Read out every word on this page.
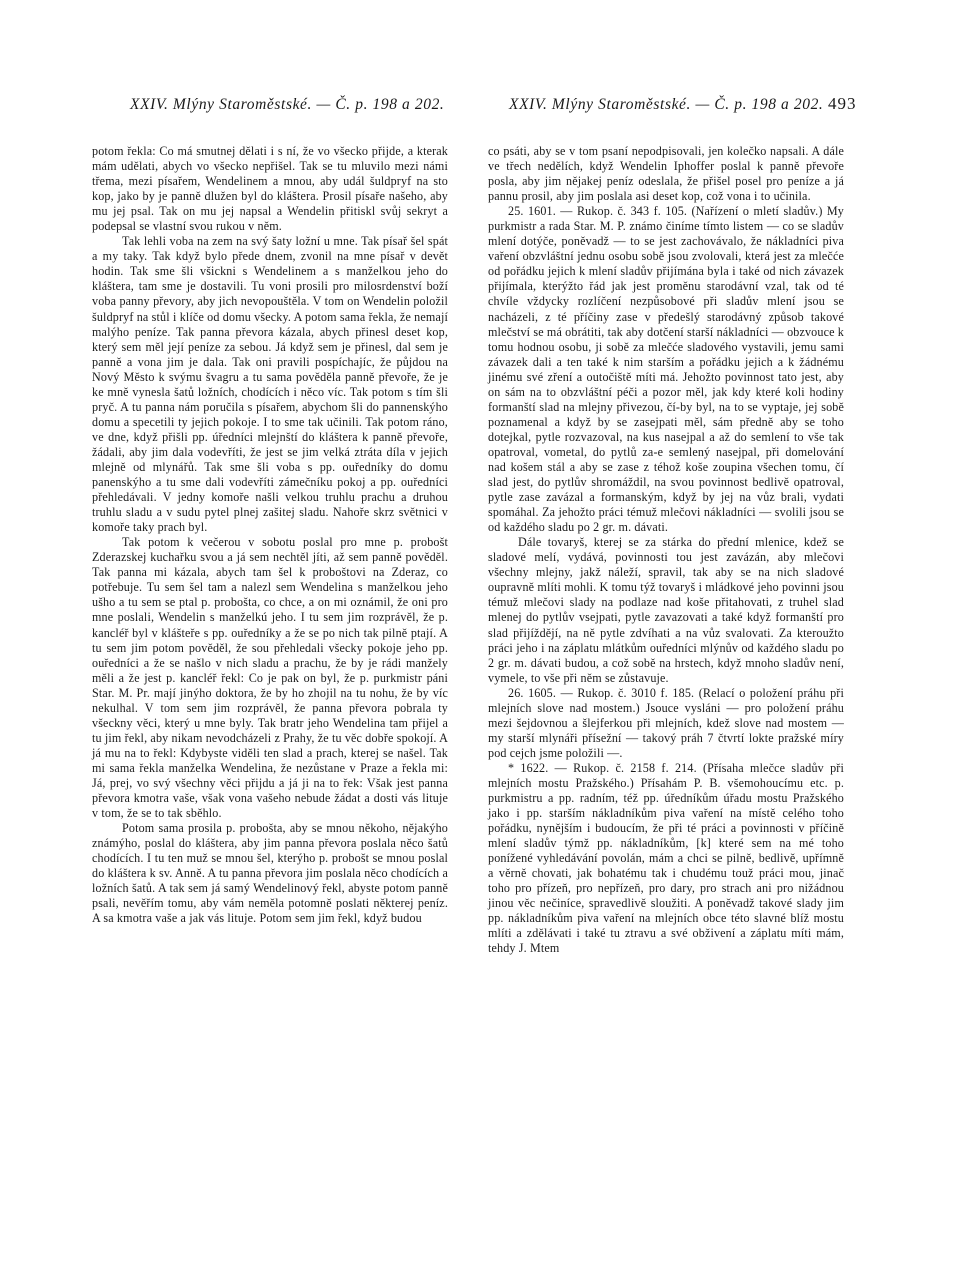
XXIV. Mlýny Staroměstské. — Č. p. 198 a 202.	XXIV. Mlýny Staroměstské. — Č. p. 198 a 202. 493

potom řekla: Co má smutnej dělati i s ní, že vo všecko přijde, a kterak mám udělati, abych vo všecko nepřišel. Tak se tu mluvilo mezi námi třema, mezi písařem, Wendelinem a mnou, aby udál šuldpryf na sto kop, jako by je panně dlužen byl do kláštera. Prosil písaře našeho, aby mu jej psal. Tak on mu jej napsal a Wendelin přitiskl svůj sekryt a podepsal se vlastní svou rukou v něm.

Tak lehli voba na zem na svý šaty ložní u mne. Tak písař šel spát a my taky. Tak když bylo přede dnem, zvonil na mne písař v devět hodin. Tak sme šli všickni s Wendelinem a s manželkou jeho do kláštera, tam sme je dostavili. Tu voni prosili pro milosrdenství boží voba panny převory, aby jich nevopouštěla. V tom on Wendelin položil šuldpryf na stůl i klíče od domu všecky. A potom sama řekla, že nemají malýho peníze. Tak panna převora kázala, abych přinesl deset kop, který sem měl její peníze za sebou. Já když sem je přinesl, dal sem je panně a vona jim je dala. Tak oni pravili pospíchajíc, že půjdou na Nový Město k svýmu švagru a tu sama povědělа panně převoře, že je ke mně vynesla šatů ložních, chodících i něco víc. Tak potom s tím šli pryč. A tu panna nám poručila s písařem, abychom šli do pannenskýho domu a specetili ty jejich pokoje. I to sme tak učinili. Tak potom ráno, ve dne, když přišli pp. úředníci mlejnští do kláštera k panně převoře, žádali, aby jim dala vodevříti, že jest se jim velká ztráta díla v jejich mlejně od mlynářů. Tak sme šli voba s pp. ouředníky do domu panenskýho a tu sme dali vodevříti zámečníku pokoj a pp. ouředníci přehledávali. V jedny komoře našli velkou truhlu prachu a druhou truhlu sladu a v sudu pytel plnej zašitej sladu. Nahoře skrz světnici v komoře taky prach byl.

Tak potom k večerou v sobotu poslal pro mne p. probošt Zderazskej kuchařku svou a já sem nechtěl jíti, až sem panně pověděl. Tak panna mi kázala, abych tam šel k proboštovi na Zderaz, co potřebuje. Tu sem šel tam a nalezl sem Wendelina s manželkou jeho ušho a tu sem se ptal p. probošta, co chce, a on mi oznámil, že oni pro mne poslali, Wendelin s manželkú jeho. I tu sem jim rozprávěl, že p. kancléř byl v klášteře s pp. ouředníky a že se po nich tak pilně ptají. A tu sem jim potom pověděl, že sou přehledali všecky pokoje jeho pp. ouředníci a že se našlo v nich sladu a prachu, že by je rádi manžely měli a že jest p. kancléř řekl: Co je pak on byl, že p. purkmistr páni Star. M. Pr. mají jinýho doktora, že by ho zhojil na tu nohu, že by víc nekulhal. V tom sem jim rozprávěl, že panna převora pobrala ty všeckny věci, který u mne byly. Tak bratr jeho Wendelina tam přijel a tu jim řekl, aby nikam nevodcházeli z Prahy, že tu věc dobře spokojí. A já mu na to řekl: Kdybyste viděli ten slad a prach, kterej se našel. Tak mi sama řekla manželka Wendelina, že nezůstane v Praze a řekla mi: Já, prej, vo svý všechny věci přijdu a já ji na to řek: Však jest panna převora kmotra vaše, však vona vašeho nebude žádat a dosti vás lituje v tom, že se to tak sběhlo.

Potom sama prosila p. probošta, aby se mnou někoho, nějakýho známýho, poslal do kláštera, aby jim panna převora poslala něco šatů chodících. I tu ten muž se mnou šel, kterýho p. probošt se mnou poslal do kláštera k sv. Anně. A tu panna převora jim poslala něco chodících a ložních šatů. A tak sem já samý Wendelinový řekl, abyste potom panně psali, nevěřím tomu, aby vám neměla potomně poslati některej peníz. A sa kmotra vaše a jak vás lituje. Potom sem jim řekl, když budou

co psáti, aby se v tom psaní nepodpisovali, jen kolečko napsali. A dále ve třech nedělích, když Wendelin Iphoffer poslal k panně převoře posla, aby jim nějakej peníz odeslala, že přišel posel pro peníze a já pannu prosil, aby jim poslala asi deset kop, což vona i to učinila.

25. 1601. — Rukop. č. 343 f. 105. (Nařízení o mletí sladův.) My purkmistr a rada Star. M. P. známo činíme tímto listem — co se sladův mlení dotýče, poněvadž — to se jest zachovávalo, že nákladníci piva vaření obzvláštní jednu osobu sobě jsou zvolovali, která jest za mlečće od pořádku jejich k mlení sladův přijímána byla i také od nich závazek přijímala, kterýžto řád jak jest proměnu starodávní vzal, tak od té chvíle vždycky rozlíčení nezpůsobové při sladův mlení jsou se nacházeli, z té příčiny zase v předešlý starodávný způsob takové mlečství se má obrátiti, tak aby dotčení starší nákladníci — obzvouce k tomu hodnou osobu, ji sobě za mlečće sladového vystavili, jemu sami závazek dali a ten také k nim starším a pořádku jejich a k žádnému jinému své zření a outočiště míti má. Jehožto povinnost tato jest, aby on sám na to obzvláštní péči a pozor měl, jak kdy které koli hodiny formanští slad na mlejny přivezou, čí-by byl, na to se vyptaje, jej sobě poznamenal a když by se zasejpati měl, sám předně aby se toho dotejkal, pytle rozvazoval, na kus nasejpal a až do semlení to vše tak opatroval, vometal, do pytlů za-e semlený nasejpal, při domelování nad košem stál a aby se zase z téhož koše zoupina všechen tomu, čí slad jest, do pytlův shromáždil, na svou povinnost bedlivě opatroval, pytle zase zavázal a formanským, když by jej na vůz brali, vydati spomáhal. Za jehožto práci témuž mlečovi nákladníci — svolili jsou se od každého sladu po 2 gr. m. dávati.

Dále tovaryš, kterej se za stárka do přední mlenice, kdež se sladové melí, vydává, povinnosti tou jest zavázán, aby mlečovi všechny mlejny, jakž náleží, spravil, tak aby se na nich sladové oupravně mlíti mohli. K tomu týž tovaryš i mládkové jeho povinni jsou témuž mlečovi slady na podlaze nad koše přitahovati, z truhel slad mlenej do pytlův vsejpati, pytle zavazovati a také když formanští pro slad přijíždějí, na ně pytle zdvíhati a na vůz svalovati. Za kteroužto práci jeho i na záplatu mlátkům ouředníci mlýnův od každého sladu po 2 gr. m. dávati budou, a což sobě na hrstech, když mnoho sladův není, vymele, to vše při něm se zůstavuje.

26. 1605. — Rukop. č. 3010 f. 185. (Relací o položení práhu při mlejních slove nad mostem.) Jsouce vysláni — pro položení práhu mezi šejdovnou a šlejferkou při mlejních, kdež slove nad mostem — my starší mlynáři přísežní — takový práh 7 čtvrtí lokte pražské míry pod cejch jsme položili —.

* 1622. — Rukop. č. 2158 f. 214. (Přísaha mlečce sladův při mlejních mostu Pražského.) Přísahám P. B. všemohoucímu etc. p. purkmistru a pp. radním, též pp. úředníkům úřadu mostu Pražského jako i pp. starším nákladníkům piva vaření na místě celého toho pořádku, nynějším i budoucím, že při té práci a povinnosti v příčině mlení sladův týmž pp. nákladníkům, [k] které sem na mé toho ponížené vyhledávání povolán, mám a chci se pilně, bedlivě, upřímně a věrně chovati, jak bohatému tak i chudému touž práci mou, jinač toho pro přízeň, pro nepřízeň, pro dary, pro strach ani pro nižádnou jinou věc nečiníce, spravedlivě sloužiti. A poněvadž takové slady jim pp. nákladníkům piva vaření na mlejních obce této slavné blíž mostu mlíti a zdělávati i také tu ztravu a své obživení a záplatu míti mám, tehdy J. Mtem
